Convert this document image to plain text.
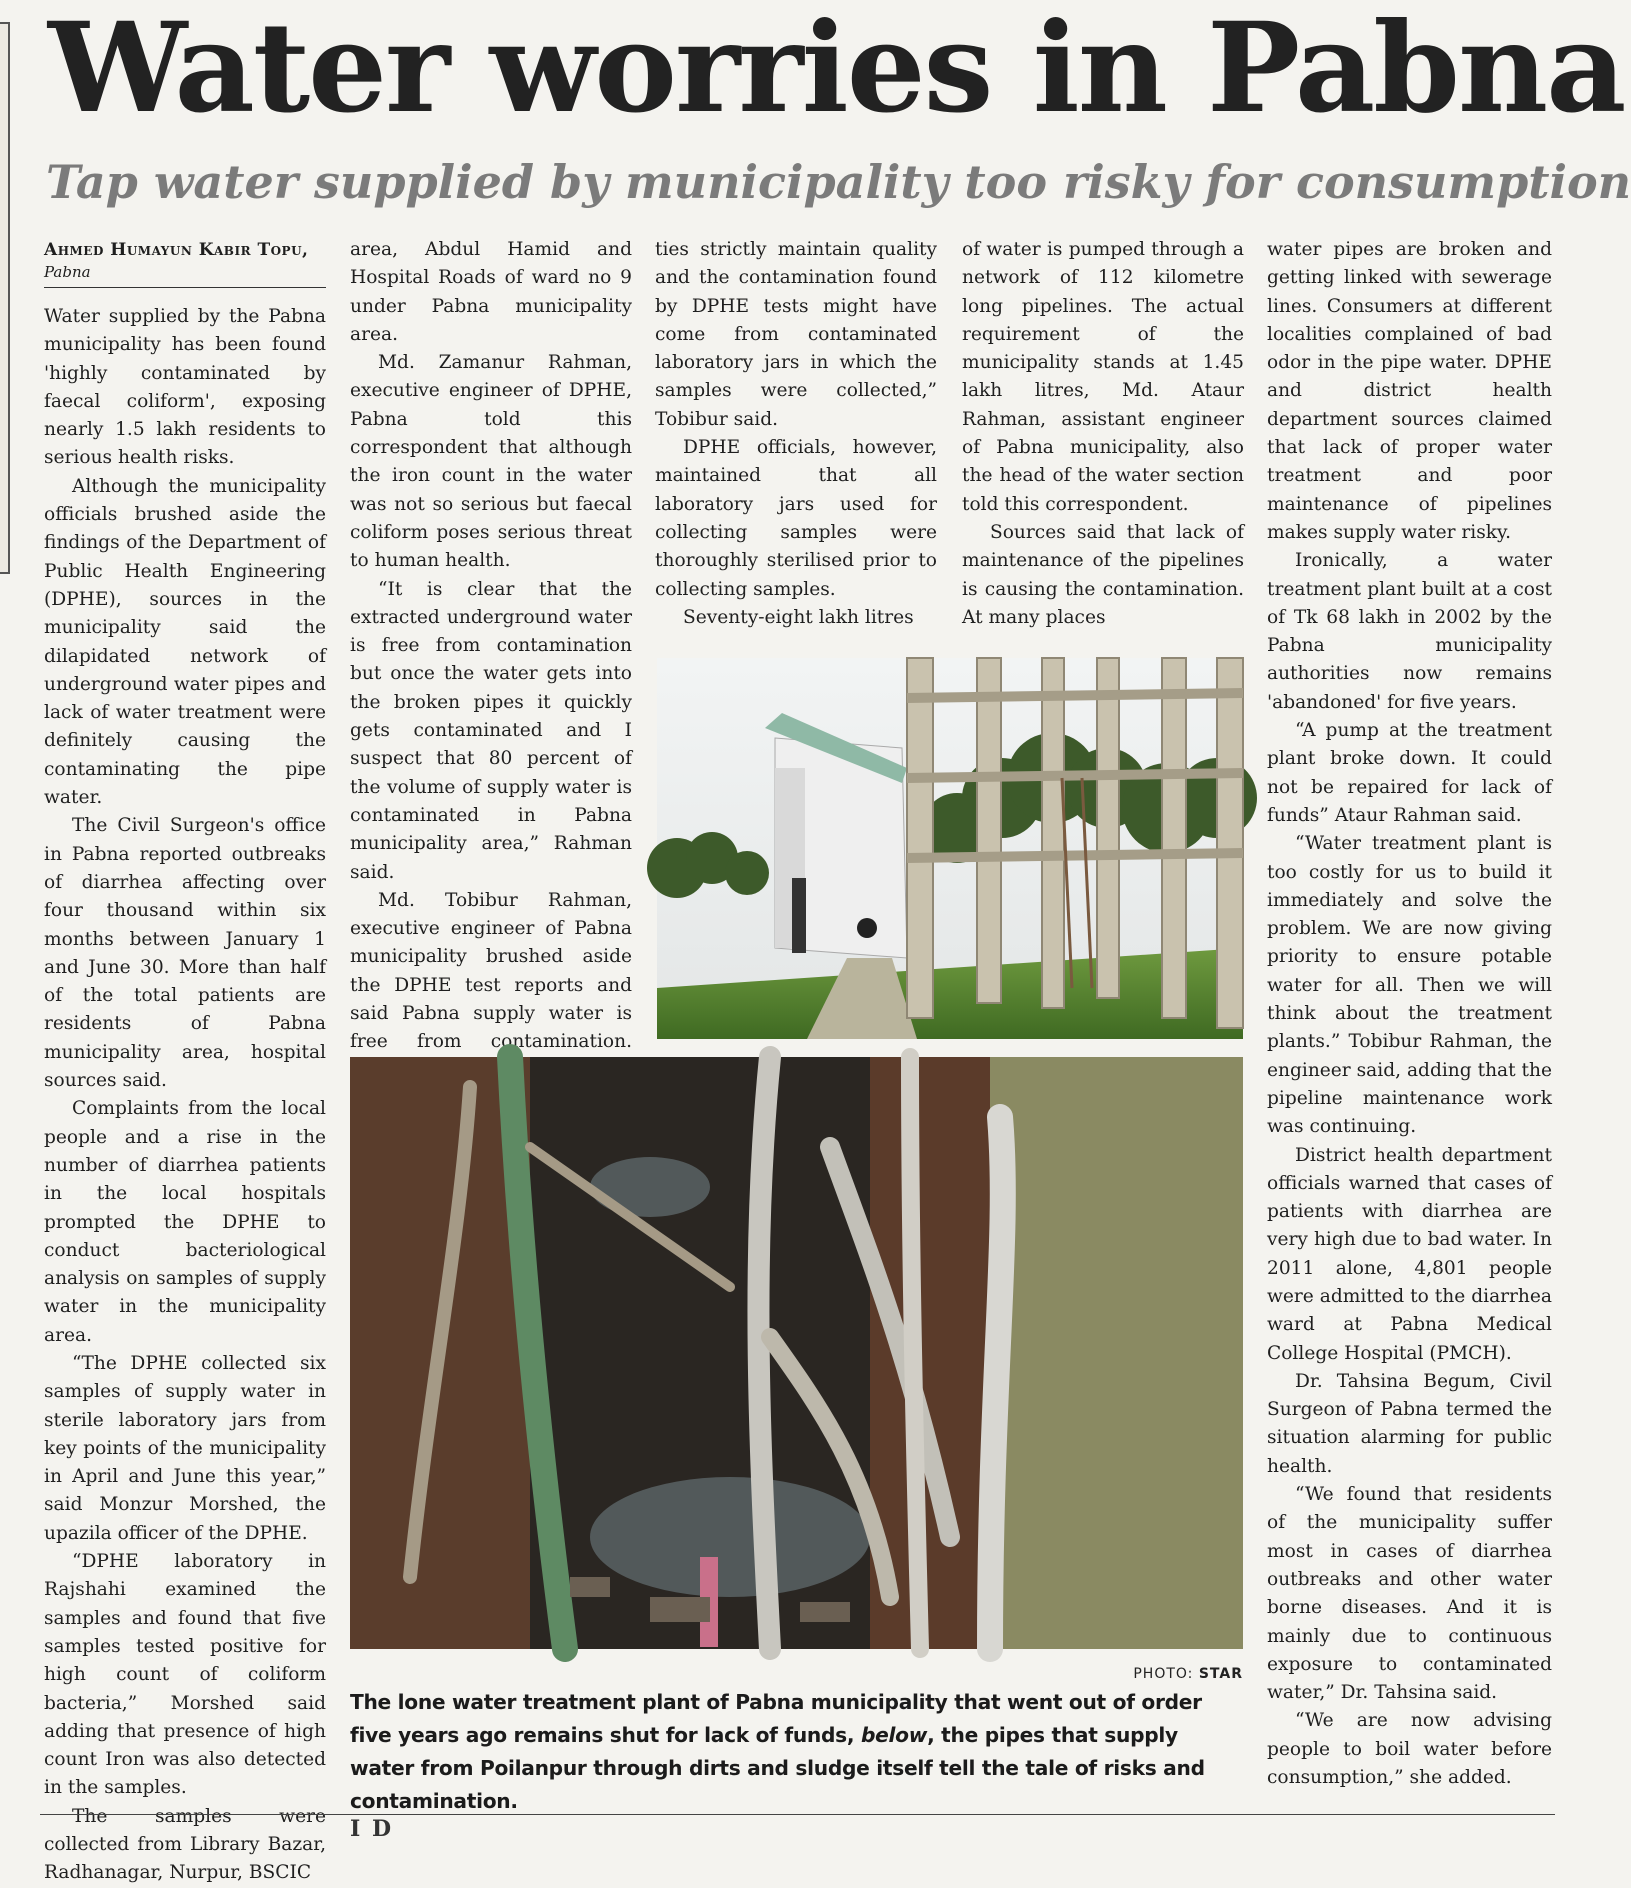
Water worries in Pabna
Tap water supplied by municipality too risky for consumption
Ahmed Humayun Kabir Topu, Pabna

Water supplied by the Pabna municipality has been found 'highly contaminated by faecal coliform', exposing nearly 1.5 lakh residents to serious health risks.

Although the municipality officials brushed aside the findings of the Department of Public Health Engineering (DPHE), sources in the municipality said the dilapidated network of underground water pipes and lack of water treatment were definitely causing the contaminating the pipe water.

The Civil Surgeon's office in Pabna reported outbreaks of diarrhea affecting over four thousand within six months between January 1 and June 30. More than half of the total patients are residents of Pabna municipality area, hospital sources said.

Complaints from the local people and a rise in the number of diarrhea patients in the local hospitals prompted the DPHE to conduct bacteriological analysis on samples of supply water in the municipality area.

“The DPHE collected six samples of supply water in sterile laboratory jars from key points of the municipality in April and June this year,” said Monzur Morshed, the upazila officer of the DPHE.

“DPHE laboratory in Rajshahi examined the samples and found that five samples tested positive for high count of coliform bacteria,” Morshed said adding that presence of high count Iron was also detected in the samples.

The samples were collected from Library Bazar, Radhanagar, Nurpur, BSCIC

area, Abdul Hamid and Hospital Roads of ward no 9 under Pabna municipality area.

Md. Zamanur Rahman, executive engineer of DPHE, Pabna told this correspondent that although the iron count in the water was not so serious but faecal coliform poses serious threat to human health.

“It is clear that the extracted underground water is free from contamination but once the water gets into the broken pipes it quickly gets contaminated and I suspect that 80 percent of the volume of supply water is contaminated in Pabna municipality area,” Rahman said.

Md. Tobibur Rahman, executive engineer of Pabna municipality brushed aside the DPHE test reports and said Pabna supply water is free from contamination.

ties strictly maintain quality and the contamination found by DPHE tests might have come from contaminated laboratory jars in which the samples were collected,” Tobibur said.

DPHE officials, however, maintained that all laboratory jars used for collecting samples were thoroughly sterilised prior to collecting samples.

Seventy-eight lakh litres

of water is pumped through a network of 112 kilometre long pipelines. The actual requirement of the municipality stands at 1.45 lakh litres, Md. Ataur Rahman, assistant engineer of Pabna municipality, also the head of the water section told this correspondent.

Sources said that lack of maintenance of the pipelines is causing the contamination. At many places

water pipes are broken and getting linked with sewerage lines. Consumers at different localities complained of bad odor in the pipe water. DPHE and district health department sources claimed that lack of proper water treatment and poor maintenance of pipelines makes supply water risky.

Ironically, a water treatment plant built at a cost of Tk 68 lakh in 2002 by the Pabna municipality authorities now remains 'abandoned' for five years.

“A pump at the treatment plant broke down. It could not be repaired for lack of funds” Ataur Rahman said.

“Water treatment plant is too costly for us to build it immediately and solve the problem. We are now giving priority to ensure potable water for all. Then we will think about the treatment plants.” Tobibur Rahman, the engineer said, adding that the pipeline maintenance work was continuing.

District health department officials warned that cases of patients with diarrhea are very high due to bad water. In 2011 alone, 4,801 people were admitted to the diarrhea ward at Pabna Medical College Hospital (PMCH).

Dr. Tahsina Begum, Civil Surgeon of Pabna termed the situation alarming for public health.

“We found that residents of the municipality suffer most in cases of diarrhea outbreaks and other water borne diseases. And it is mainly due to continuous exposure to contaminated water,” Dr. Tahsina said.

“We are now advising people to boil water before consumption,” she added.

PHOTO: STAR
The lone water treatment plant of Pabna municipality that went out of order five years ago remains shut for lack of funds, below, the pipes that supply water from Poilanpur through dirts and sludge itself tell the tale of risks and contamination.
I D
